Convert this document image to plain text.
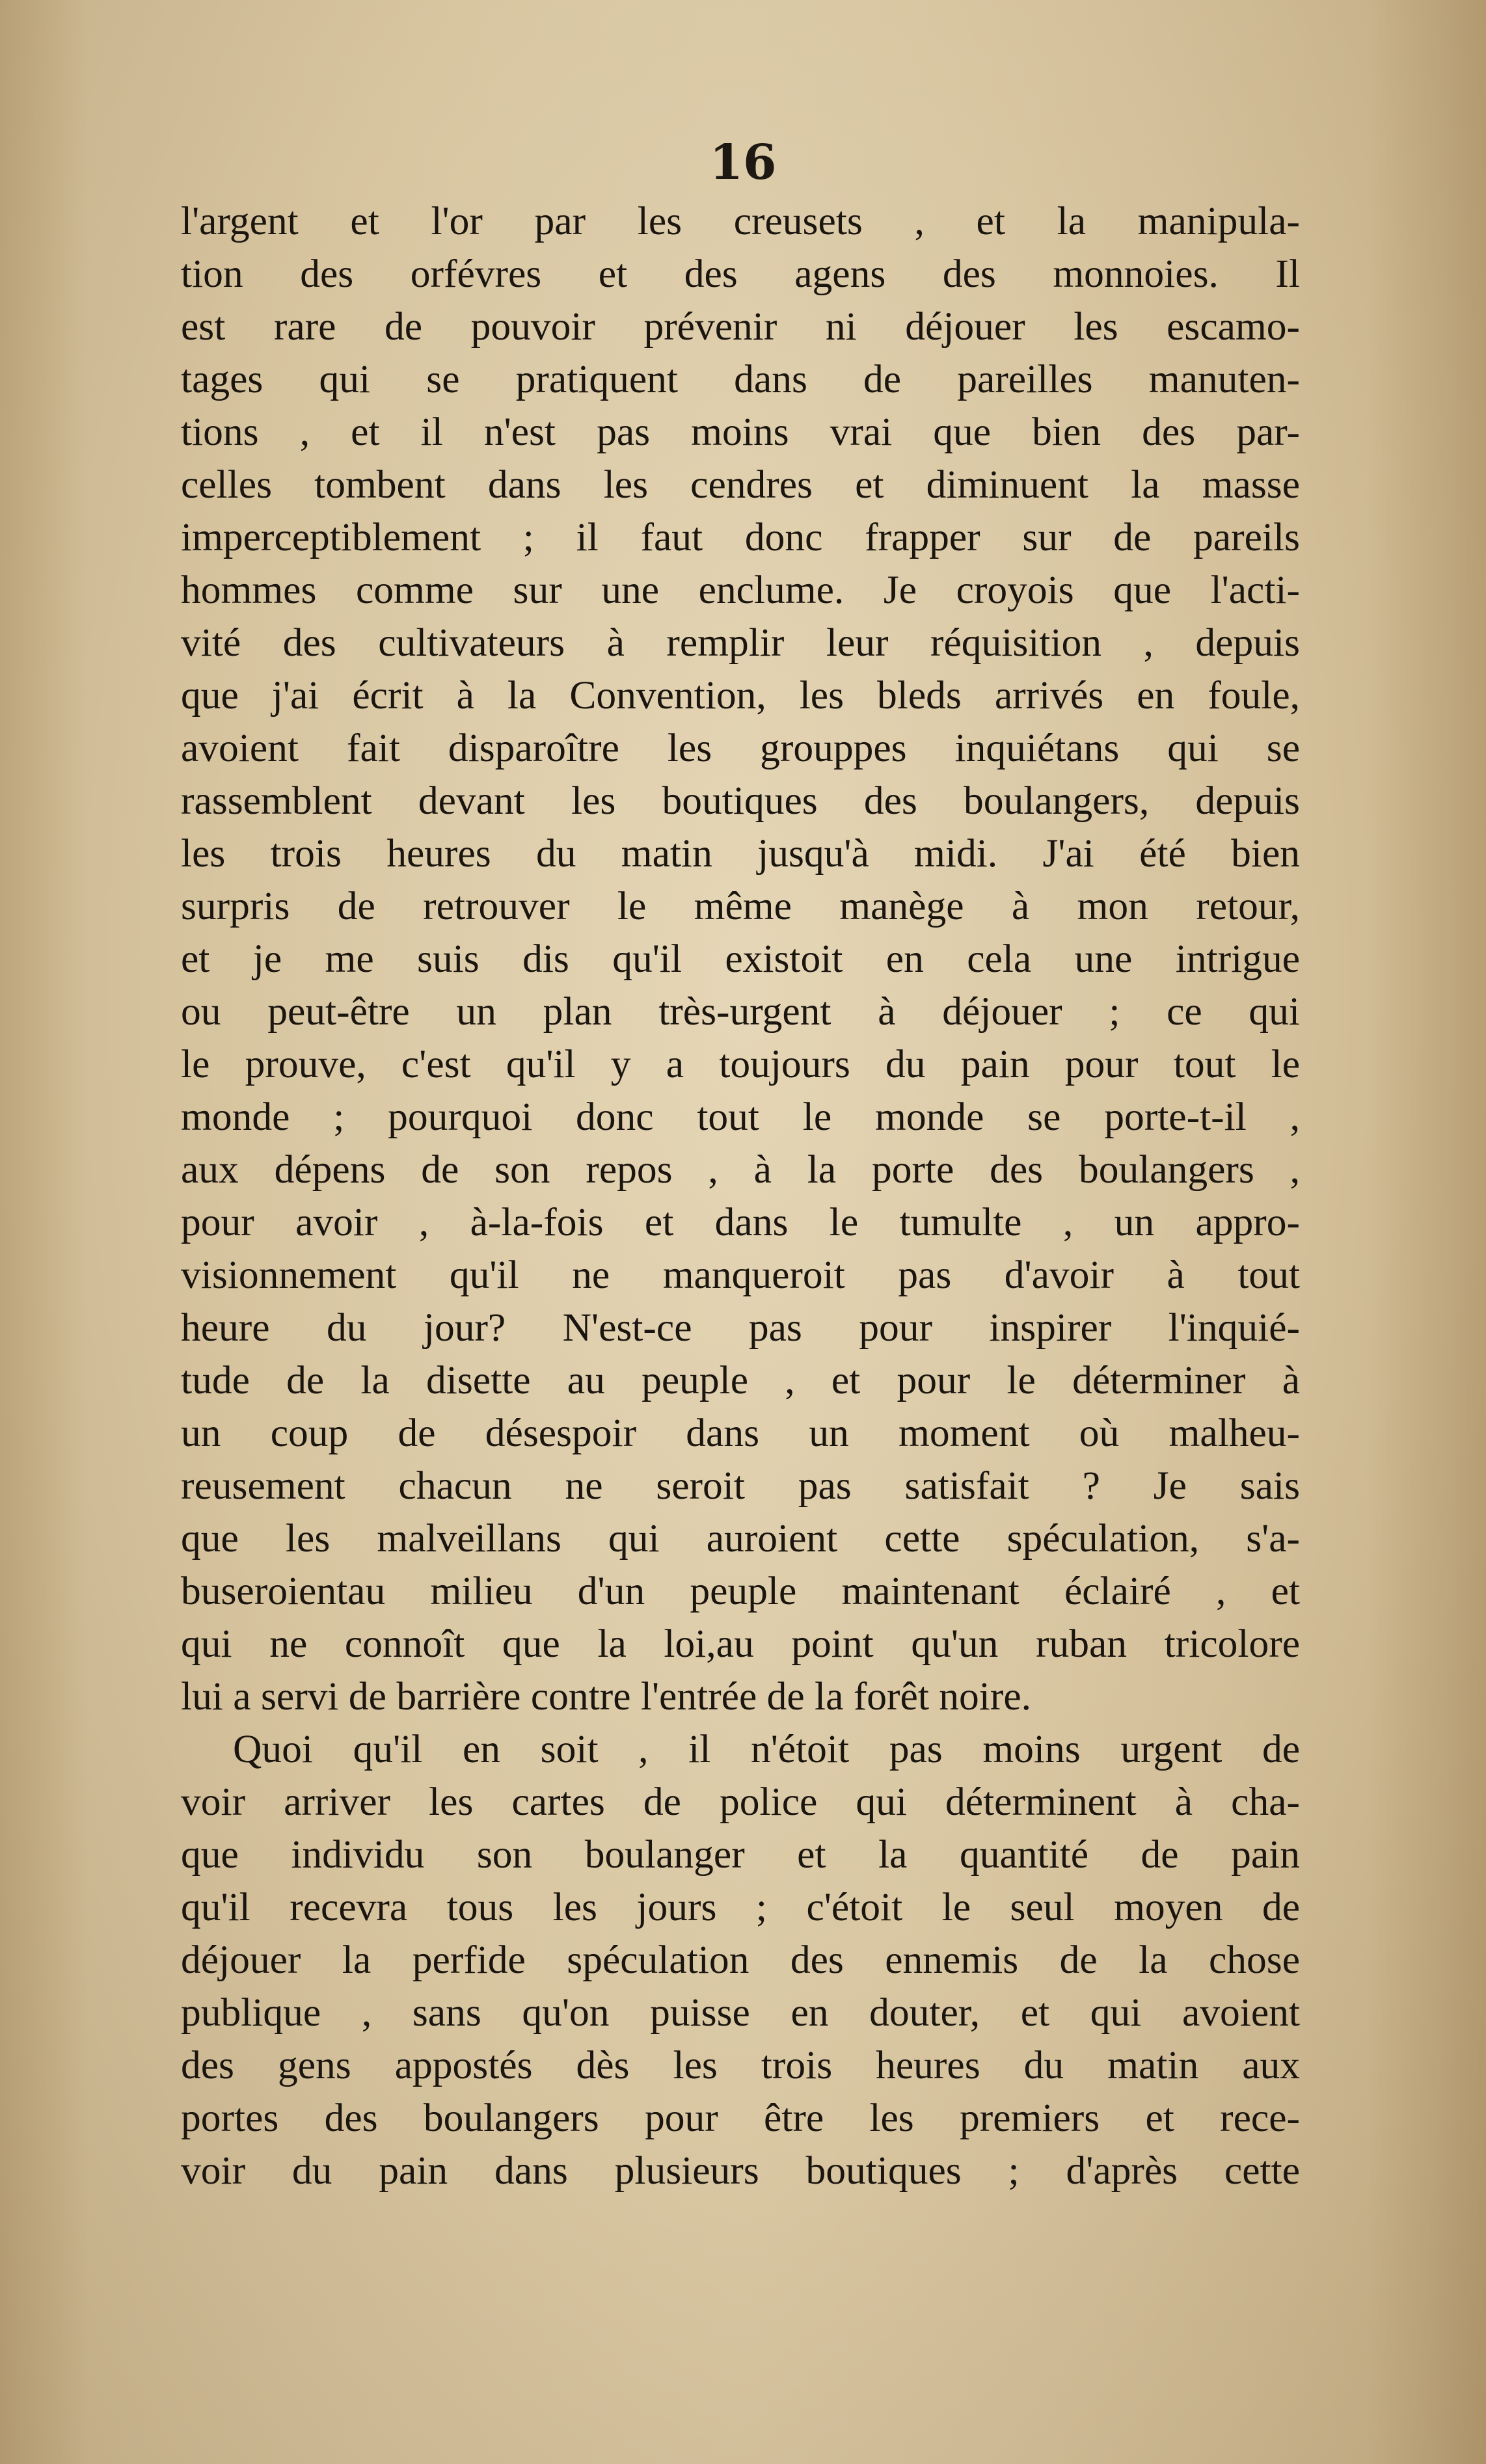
16
l'argent et l'or par les creusets , et la manipula-
tion des orfévres et des agens des monnoies. Il
est rare de pouvoir prévenir ni déjouer les escamo-
tages qui se pratiquent dans de pareilles manuten-
tions , et il n'est pas moins vrai que bien des par-
celles tombent dans les cendres et diminuent la masse
imperceptiblement ; il faut donc frapper sur de pareils
hommes comme sur une enclume. Je croyois que l'acti-
vité des cultivateurs à remplir leur réquisition , depuis
que j'ai écrit à la Convention, les bleds arrivés en foule,
avoient fait disparoître les grouppes inquiétans qui se
rassemblent devant les boutiques des boulangers, depuis
les trois heures du matin jusqu'à midi. J'ai été bien
surpris de retrouver le même manège à mon retour,
et je me suis dis qu'il existoit en cela une intrigue
ou peut-être un plan très-urgent à déjouer ; ce qui
le prouve, c'est qu'il y a toujours du pain pour tout le
monde ; pourquoi donc tout le monde se porte-t-il ,
aux dépens de son repos , à la porte des boulangers ,
pour avoir , à-la-fois et dans le tumulte , un appro-
visionnement qu'il ne manqueroit pas d'avoir à tout
heure du jour? N'est-ce pas pour inspirer l'inquié-
tude de la disette au peuple , et pour le déterminer à
un coup de désespoir dans un moment où malheu-
reusement chacun ne seroit pas satisfait ? Je sais
que les malveillans qui auroient cette spéculation, s'a-
buseroientau milieu d'un peuple maintenant éclairé , et
qui ne connoît que la loi,au point qu'un ruban tricolore
lui a servi de barrière contre l'entrée de la forêt noire.
Quoi qu'il en soit , il n'étoit pas moins urgent de
voir arriver les cartes de police qui déterminent à cha-
que individu son boulanger et la quantité de pain
qu'il recevra tous les jours ; c'étoit le seul moyen de
déjouer la perfide spéculation des ennemis de la chose
publique , sans qu'on puisse en douter, et qui avoient
des gens appostés dès les trois heures du matin aux
portes des boulangers pour être les premiers et rece-
voir du pain dans plusieurs boutiques ; d'après cette
